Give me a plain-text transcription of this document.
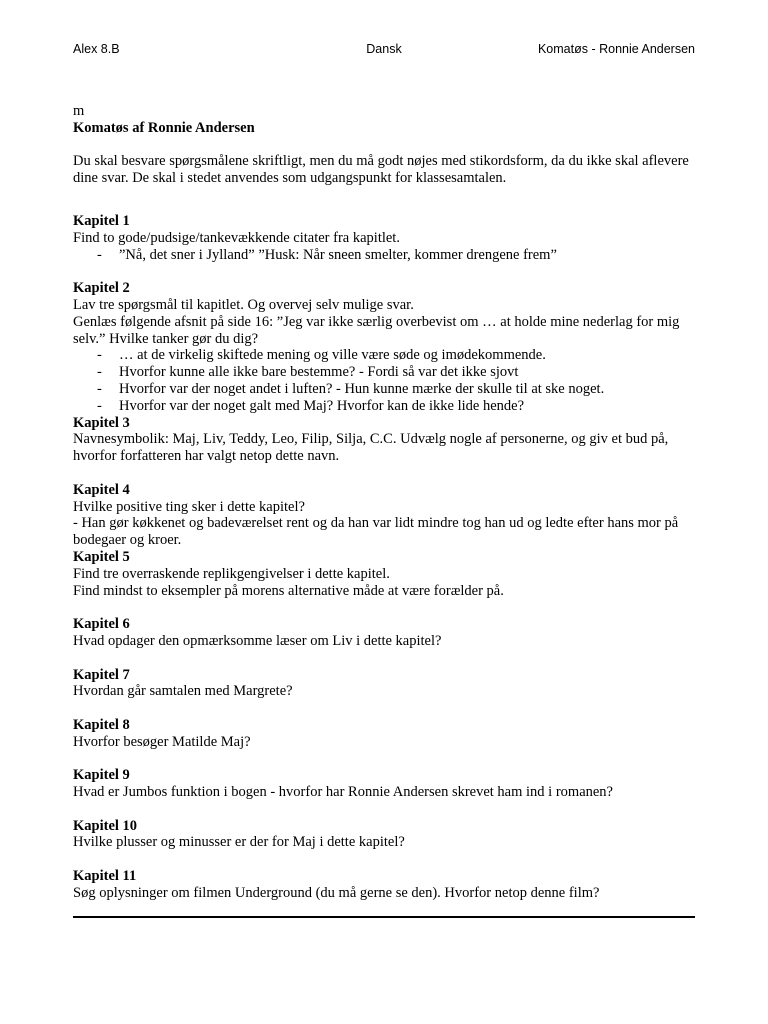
Alex 8.B	Dansk	Komatøs - Ronnie Andersen

m

Komatøs af Ronnie Andersen

Du skal besvare spørgsmålene skriftligt, men du må godt nøjes med stikordsform, da du ikke skal aflevere dine svar. De skal i stedet anvendes som udgangspunkt for klassesamtalen.

Kapitel 1

Find to gode/pudsige/tankevækkende citater fra kapitlet.

- ”Nå, det sner i Jylland” ”Husk: Når sneen smelter, kommer drengene frem”

Kapitel 2

Lav tre spørgsmål til kapitlet. Og overvej selv mulige svar.

Genlæs følgende afsnit på side 16: ”Jeg var ikke særlig overbevist om … at holde mine nederlag for mig selv.” Hvilke tanker gør du dig?

- … at de virkelig skiftede mening og ville være søde og imødekommende.

- Hvorfor kunne alle ikke bare bestemme? - Fordi så var det ikke sjovt

- Hvorfor var der noget andet i luften? - Hun kunne mærke der skulle til at ske noget.

- Hvorfor var der noget galt med Maj? Hvorfor kan de ikke lide hende?

Kapitel 3

Navnesymbolik: Maj, Liv, Teddy, Leo, Filip, Silja, C.C. Udvælg nogle af personerne, og giv et bud på, hvorfor forfatteren har valgt netop dette navn.

Kapitel 4

Hvilke positive ting sker i dette kapitel?

- Han gør køkkenet og badeværelset rent og da han var lidt mindre tog han ud og ledte efter hans mor på bodegaer og kroer.

Kapitel 5

Find tre overraskende replikgengivelser i dette kapitel.

Find mindst to eksempler på morens alternative måde at være forælder på.

Kapitel 6

Hvad opdager den opmærksomme læser om Liv i dette kapitel?

Kapitel 7

Hvordan går samtalen med Margrete?

Kapitel 8

Hvorfor besøger Matilde Maj?

Kapitel 9

Hvad er Jumbos funktion i bogen - hvorfor har Ronnie Andersen skrevet ham ind i romanen?

Kapitel 10

Hvilke plusser og minusser er der for Maj i dette kapitel?

Kapitel 11

Søg oplysninger om filmen Underground (du må gerne se den). Hvorfor netop denne film?
